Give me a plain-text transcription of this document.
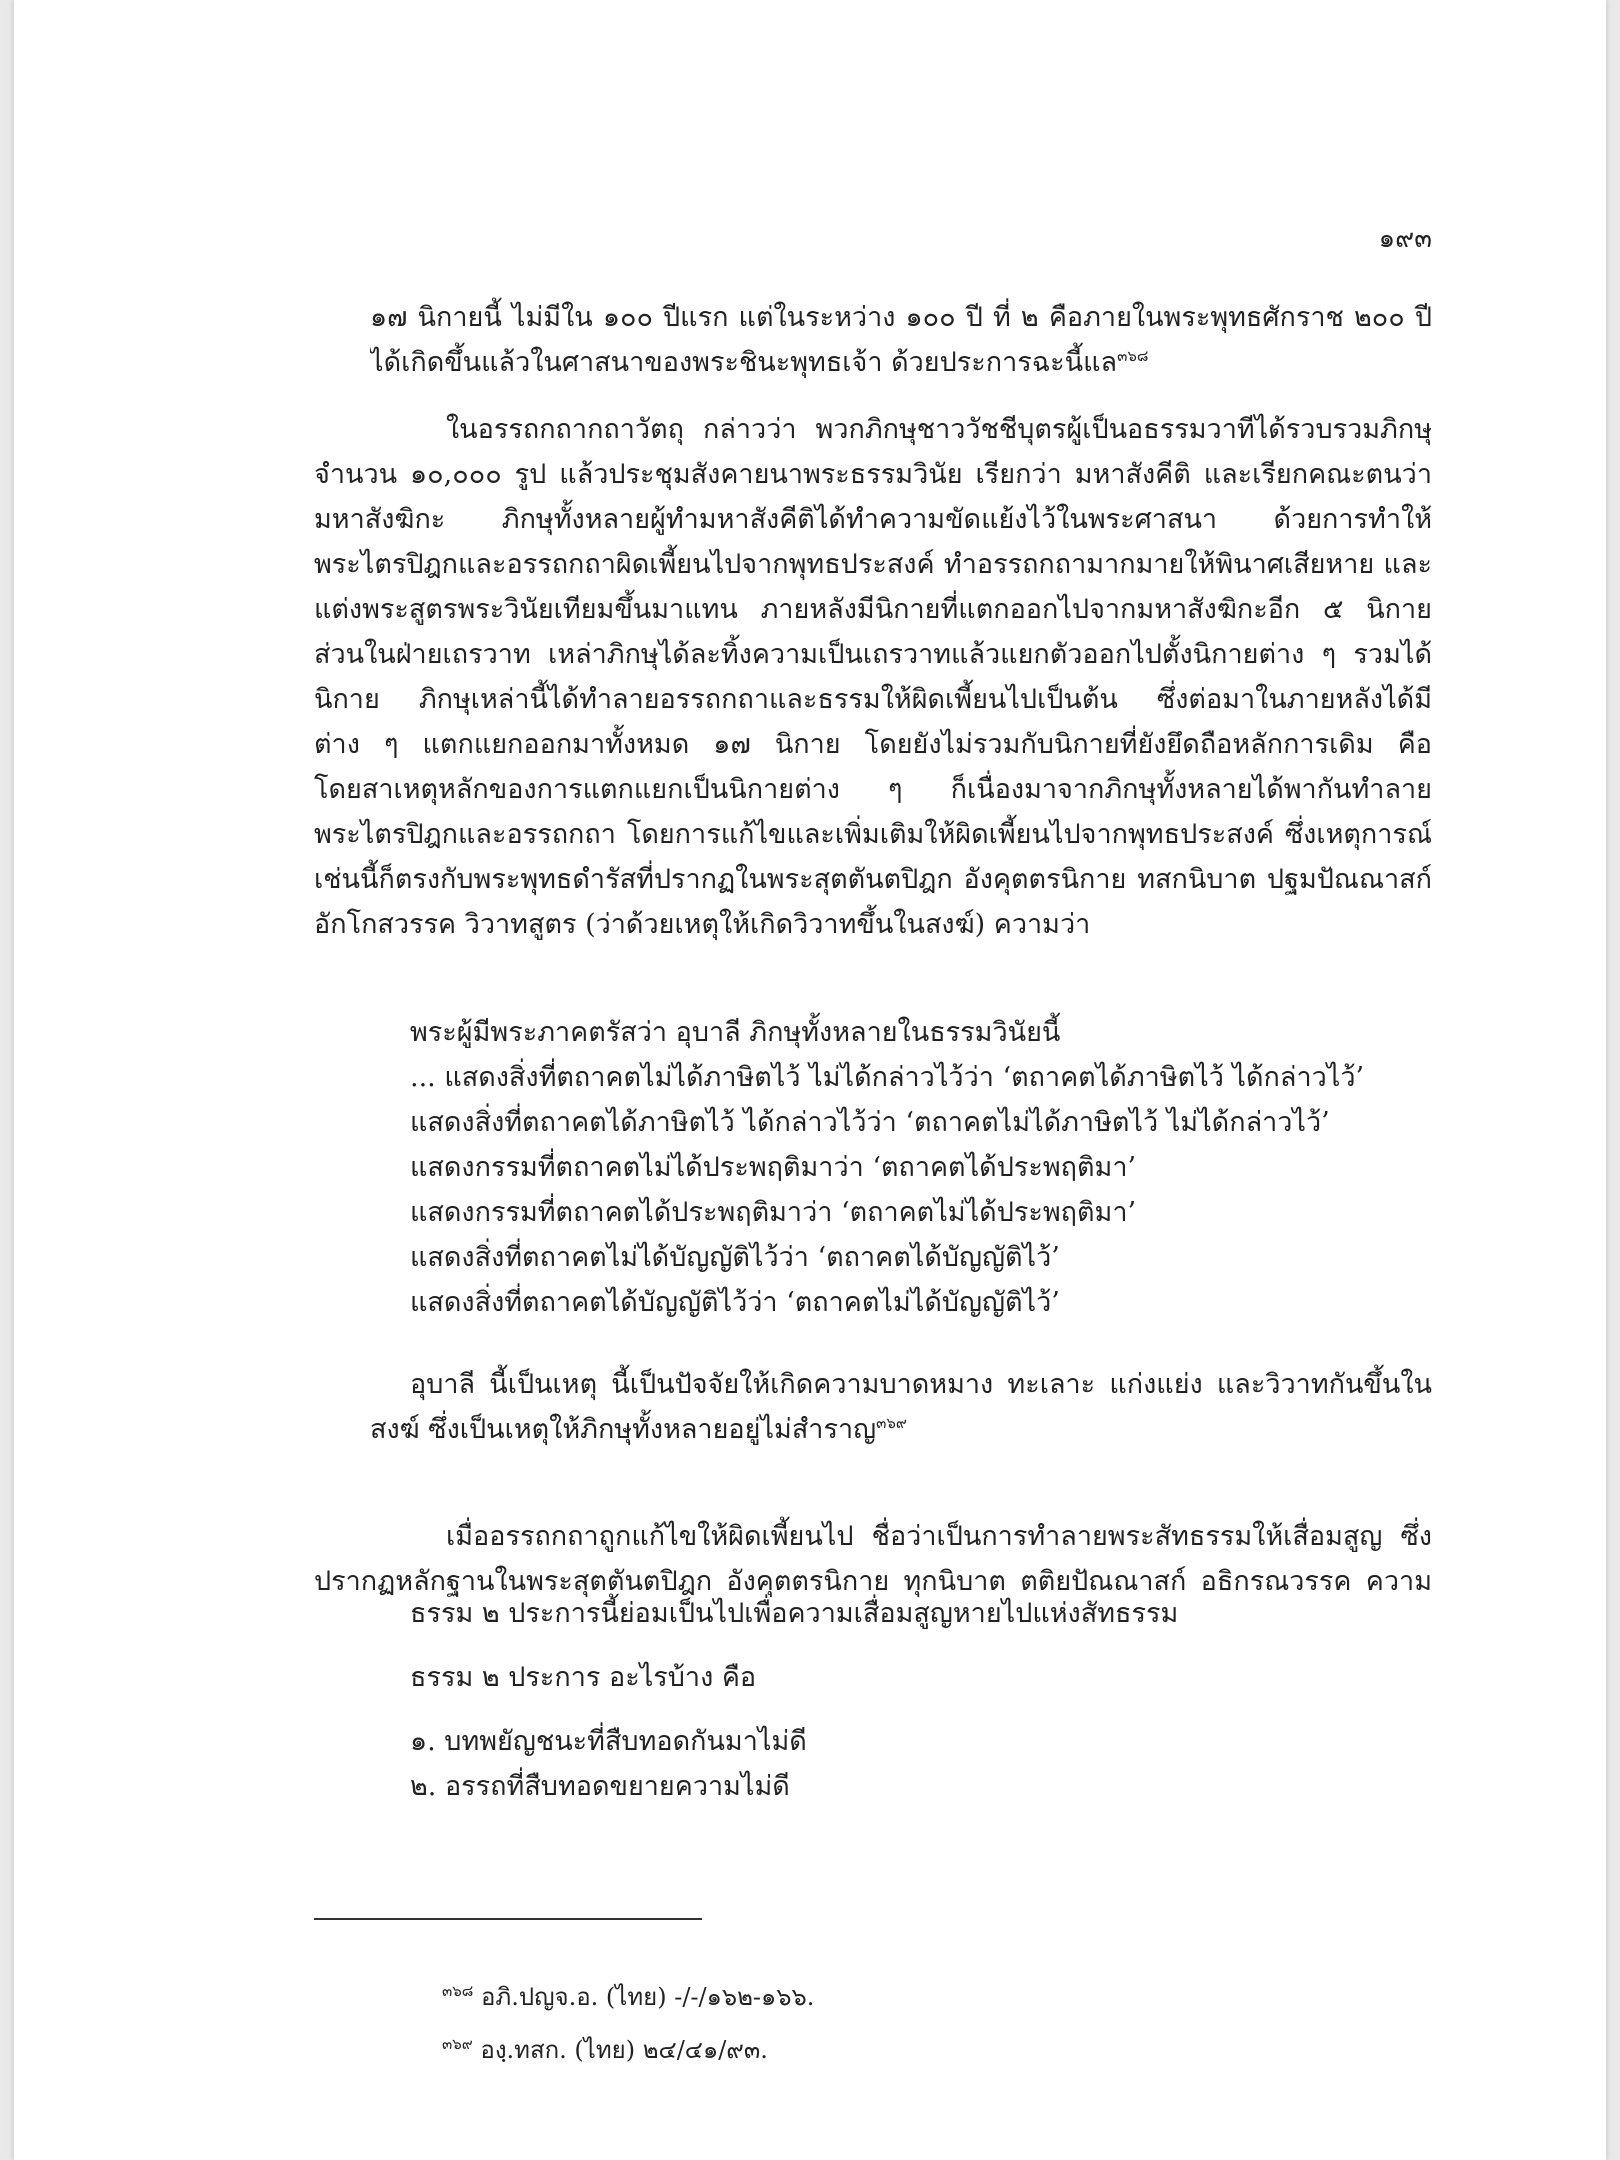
๑๙๓
๑๗ นิกายนี้ ไม่มีใน ๑๐๐ ปีแรก แต่ในระหว่าง ๑๐๐ ปี ที่ ๒ คือภายในพระพุทธศักราช ๒๐๐ ปี
ได้เกิดขึ้นแล้วในศาสนาของพระชินะพุทธเจ้า ด้วยประการฉะนี้แล$^{๓๖๘}$
ในอรรถกถากถาวัตถุ กล่าวว่า พวกภิกษุชาววัชชีบุตรผู้เป็นอธรรมวาทีได้รวบรวมภิกษุ
จำนวน ๑๐,๐๐๐ รูป แล้วประชุมสังคายนาพระธรรมวินัย เรียกว่า มหาสังคีติ และเรียกคณะตนว่า
มหาสังฆิกะ ภิกษุทั้งหลายผู้ทำมหาสังคีติได้ทำความขัดแย้งไว้ในพระศาสนา ด้วยการทำให้
พระไตรปิฎกและอรรถกถาผิดเพี้ยนไปจากพุทธประสงค์ ทำอรรถกถามากมายให้พินาศเสียหาย และ
แต่งพระสูตรพระวินัยเทียมขึ้นมาแทน ภายหลังมีนิกายที่แตกออกไปจากมหาสังฆิกะอีก ๕ นิกาย
ส่วนในฝ่ายเถรวาท เหล่าภิกษุได้ละทิ้งความเป็นเถรวาทแล้วแยกตัวออกไปตั้งนิกายต่าง ๆ รวมได้
นิกาย ภิกษุเหล่านี้ได้ทำลายอรรถกถาและธรรมให้ผิดเพี้ยนไปเป็นต้น ซึ่งต่อมาในภายหลังได้มี
ต่าง ๆ แตกแยกออกมาทั้งหมด ๑๗ นิกาย โดยยังไม่รวมกับนิกายที่ยังยึดถือหลักการเดิม คือ
โดยสาเหตุหลักของการแตกแยกเป็นนิกายต่าง ๆ ก็เนื่องมาจากภิกษุทั้งหลายได้พากันทำลาย
พระไตรปิฎกและอรรถกถา โดยการแก้ไขและเพิ่มเติมให้ผิดเพี้ยนไปจากพุทธประสงค์ ซึ่งเหตุการณ์
เช่นนี้ก็ตรงกับพระพุทธดำรัสที่ปรากฏในพระสุตตันตปิฎก อังคุตตรนิกาย ทสกนิบาต ปฐมปัณณาสก์
อักโกสวรรค วิวาทสูตร (ว่าด้วยเหตุให้เกิดวิวาทขึ้นในสงฆ์) ความว่า
พระผู้มีพระภาคตรัสว่า อุบาลี ภิกษุทั้งหลายในธรรมวินัยนี้
... แสดงสิ่งที่ตถาคตไม่ได้ภาษิตไว้ ไม่ได้กล่าวไว้ว่า ‘ตถาคตได้ภาษิตไว้ ได้กล่าวไว้’
แสดงสิ่งที่ตถาคตได้ภาษิตไว้ ได้กล่าวไว้ว่า ‘ตถาคตไม่ได้ภาษิตไว้ ไม่ได้กล่าวไว้’
แสดงกรรมที่ตถาคตไม่ได้ประพฤติมาว่า ‘ตถาคตได้ประพฤติมา’
แสดงกรรมที่ตถาคตได้ประพฤติมาว่า ‘ตถาคตไม่ได้ประพฤติมา’
แสดงสิ่งที่ตถาคตไม่ได้บัญญัติไว้ว่า ‘ตถาคตได้บัญญัติไว้’
แสดงสิ่งที่ตถาคตได้บัญญัติไว้ว่า ‘ตถาคตไม่ได้บัญญัติไว้’
อุบาลี นี้เป็นเหตุ นี้เป็นปัจจัยให้เกิดความบาดหมาง ทะเลาะ แก่งแย่ง และวิวาทกันขึ้นใน
สงฆ์ ซึ่งเป็นเหตุให้ภิกษุทั้งหลายอยู่ไม่สำราญ$^{๓๖๙}$
เมื่ออรรถกถาถูกแก้ไขให้ผิดเพี้ยนไป ชื่อว่าเป็นการทำลายพระสัทธรรมให้เสื่อมสูญ ซึ่ง
ปรากฏหลักฐานในพระสุตตันตปิฎก อังคุตตรนิกาย ทุกนิบาต ตติยปัณณาสก์ อธิกรณวรรค ความ
ธรรม ๒ ประการนี้ย่อมเป็นไปเพื่อความเสื่อมสูญหายไปแห่งสัทธรรม
ธรรม ๒ ประการ อะไรบ้าง คือ
๑. บทพยัญชนะที่สืบทอดกันมาไม่ดี
๒. อรรถที่สืบทอดขยายความไม่ดี
$^{๓๖๘}$ อภิ.ปญจ.อ. (ไทย) -/-/๑๖๒-๑๖๖.
$^{๓๖๙}$ องฺ.ทสก. (ไทย) ๒๔/๔๑/๙๓.
